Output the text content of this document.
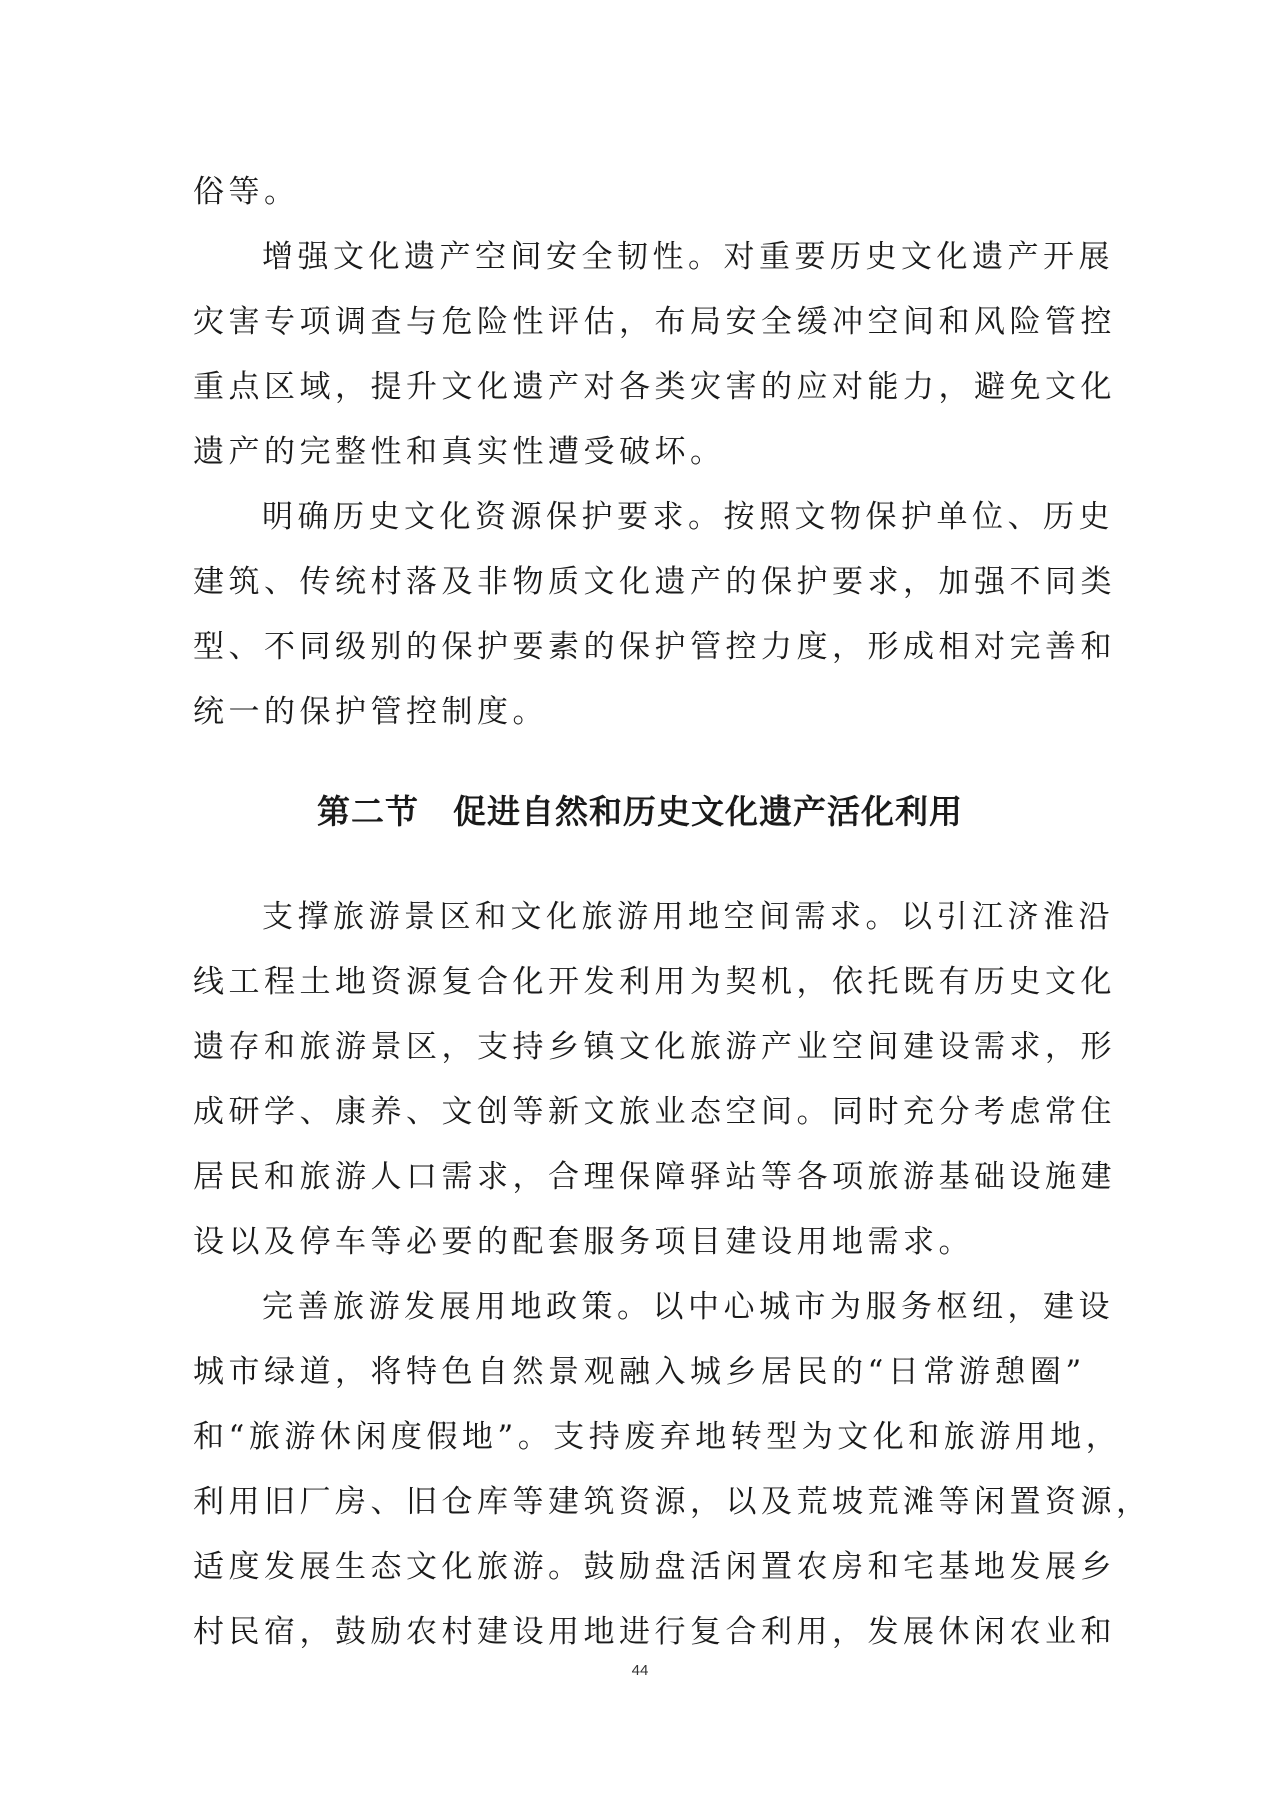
俗等。
增强文化遗产空间安全韧性。对重要历史文化遗产开展
灾害专项调查与危险性评估，布局安全缓冲空间和风险管控
重点区域，提升文化遗产对各类灾害的应对能力，避免文化
遗产的完整性和真实性遭受破坏。
明确历史文化资源保护要求。按照文物保护单位、历史
建筑、传统村落及非物质文化遗产的保护要求，加强不同类
型、不同级别的保护要素的保护管控力度，形成相对完善和
统一的保护管控制度。
第二节　促进自然和历史文化遗产活化利用
支撑旅游景区和文化旅游用地空间需求。以引江济淮沿
线工程土地资源复合化开发利用为契机，依托既有历史文化
遗存和旅游景区，支持乡镇文化旅游产业空间建设需求，形
成研学、康养、文创等新文旅业态空间。同时充分考虑常住
居民和旅游人口需求，合理保障驿站等各项旅游基础设施建
设以及停车等必要的配套服务项目建设用地需求。
完善旅游发展用地政策。以中心城市为服务枢纽，建设
城市绿道，将特色自然景观融入城乡居民的“日常游憩圈”
和“旅游休闲度假地”。支持废弃地转型为文化和旅游用地，
利用旧厂房、旧仓库等建筑资源，以及荒坡荒滩等闲置资源，
适度发展生态文化旅游。鼓励盘活闲置农房和宅基地发展乡
村民宿，鼓励农村建设用地进行复合利用，发展休闲农业和
44
